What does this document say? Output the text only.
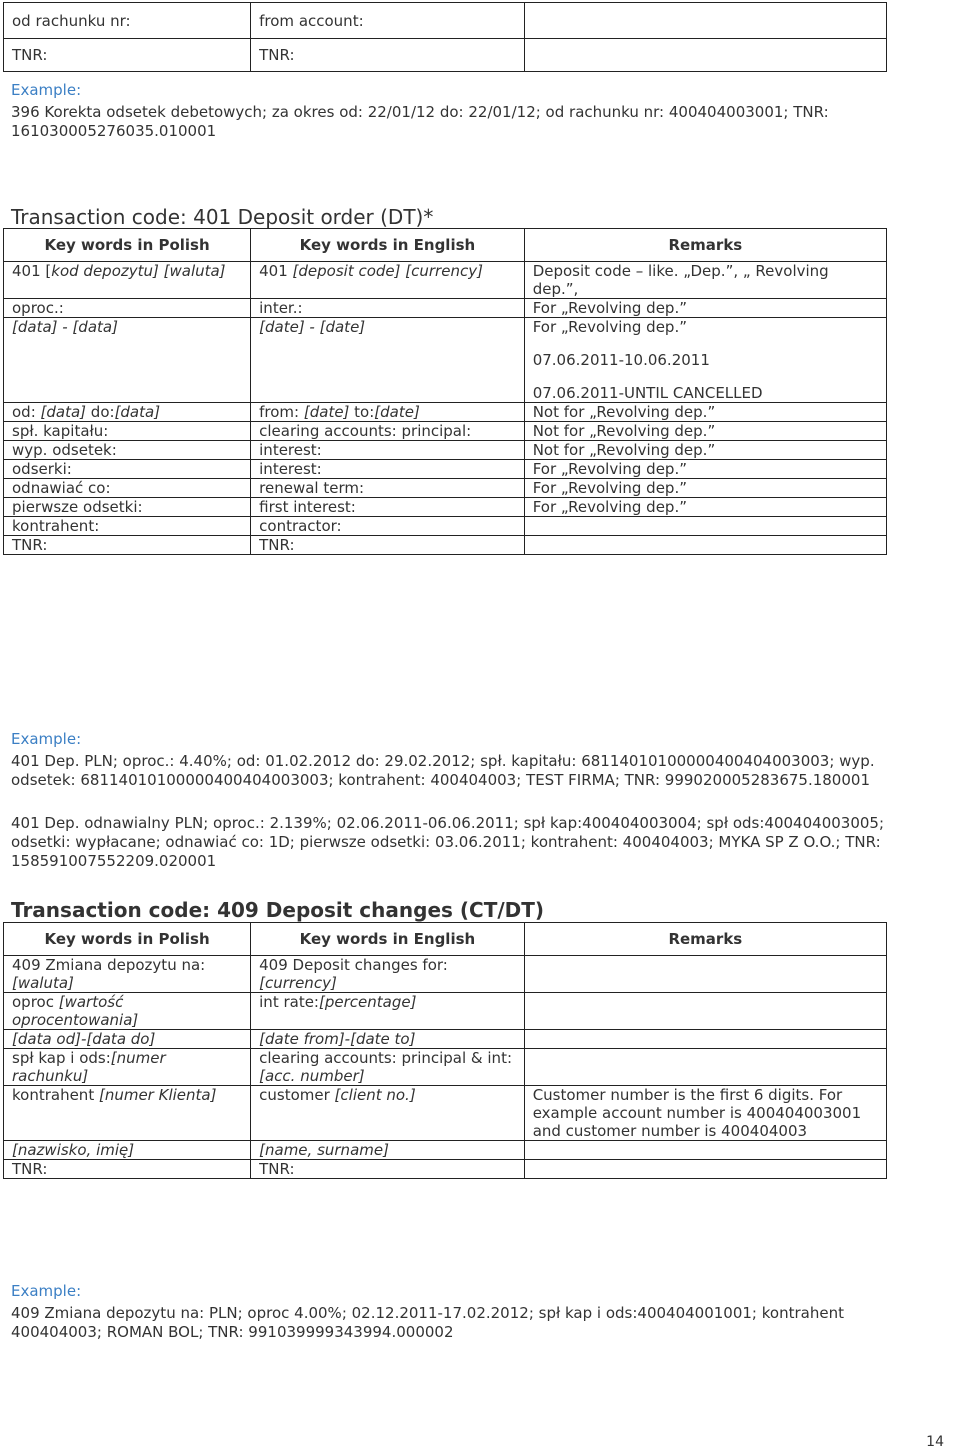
od rachunku nr:	from account:	
TNR:	TNR:	
Example:
396 Korekta odsetek debetowych; za okres od: 22/01/12 do: 22/01/12; od rachunku nr: 400404003001; TNR: 161030005276035.010001
Transaction code: 401 Deposit order (DT)*
Key words in Polish	Key words in English	Remarks
401 [kod depozytu] [waluta]	401 [deposit code] [currency]	Deposit code – like. „Dep.”, „ Revolving dep.”,
oproc.:	inter.:	For „Revolving dep.”
[data] - [data]	[date] - [date]	For „Revolving dep.”
07.06.2011-10.06.2011
07.06.2011-UNTIL CANCELLED

od: [data] do:[data]	from: [date] to:[date]	Not for „Revolving dep.”
spł. kapitału:	clearing accounts: principal:	Not for „Revolving dep.”
wyp. odsetek:	interest:	Not for „Revolving dep.”
odserki:	interest:	For „Revolving dep.”
odnawiać co:	renewal term:	For „Revolving dep.”
pierwsze odsetki:	first interest:	For „Revolving dep.”
kontrahent:	contractor:	
TNR:	TNR:	
Example:
401 Dep. PLN; oproc.: 4.40%; od: 01.02.2012 do: 29.02.2012; spł. kapitału: 68114010100000400404003003; wyp. odsetek: 68114010100000400404003003; kontrahent: 400404003; TEST FIRMA; TNR: 999020005283675.180001
401 Dep. odnawialny PLN; oproc.: 2.139%; 02.06.2011-06.06.2011; spł kap:400404003004; spł ods:400404003005; odsetki: wypłacane; odnawiać co: 1D; pierwsze odsetki: 03.06.2011; kontrahent: 400404003; MYKA SP Z O.O.; TNR: 158591007552209.020001
Transaction code: 409 Deposit changes (CT/DT)
Key words in Polish	Key words in English	Remarks
409 Zmiana depozytu na: [waluta]	409 Deposit changes for: [currency]	
oproc [wartość oprocentowania]	int rate:[percentage]	
[data od]-[data do]	[date from]-[date to]	
spł kap i ods:[numer rachunku]	clearing accounts: principal & int:[acc. number]	
kontrahent [numer Klienta]	customer [client no.]	Customer number is the first 6 digits. For example account number is 400404003001 and customer number is 400404003
[nazwisko, imię]	[name, surname]	
TNR:	TNR:	
Example:
409 Zmiana depozytu na: PLN; oproc 4.00%; 02.12.2011-17.02.2012; spł kap i ods:400404001001; kontrahent 400404003; ROMAN BOL; TNR: 991039999343994.000002
14
